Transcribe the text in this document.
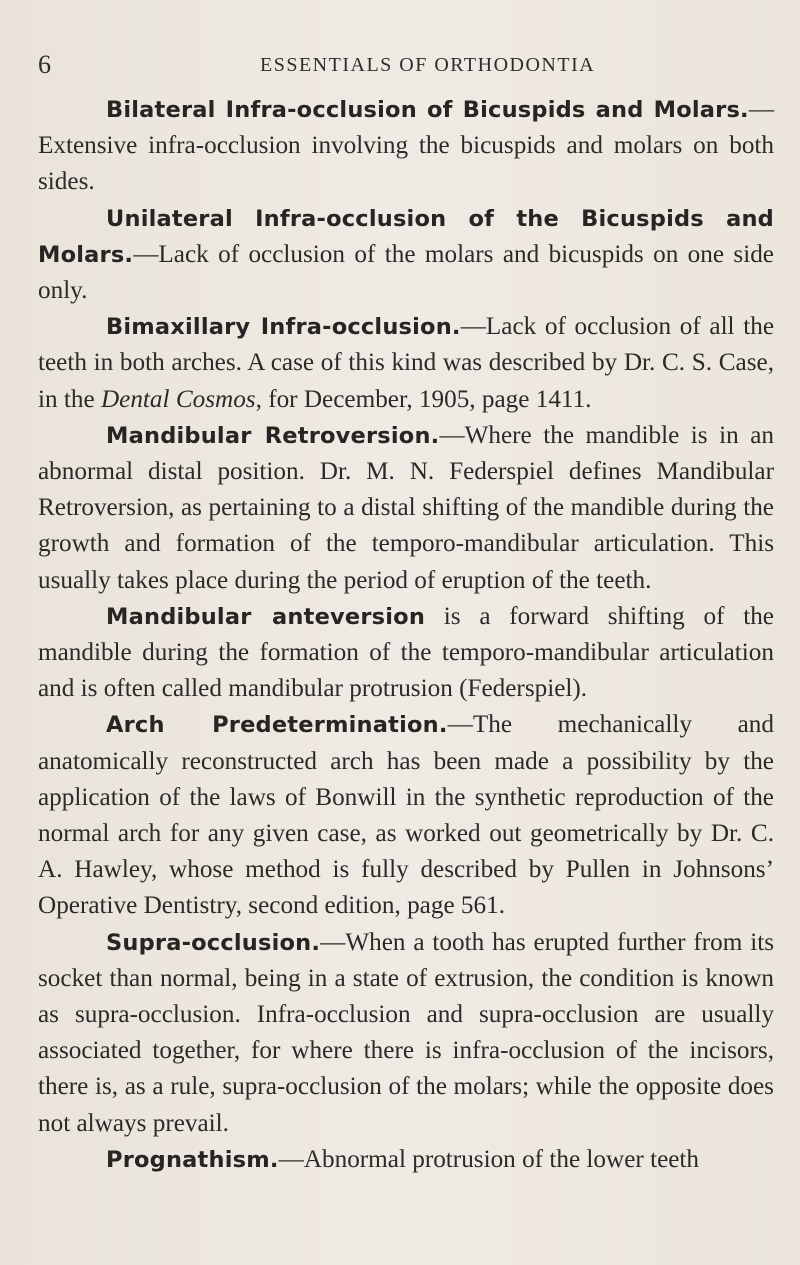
6	ESSENTIALS OF ORTHODONTIA

Bilateral Infra-occlusion of Bicuspids and Molars.—Extensive infra-occlusion involving the bicuspids and molars on both sides.

Unilateral Infra-occlusion of the Bicuspids and Molars.—Lack of occlusion of the molars and bicuspids on one side only.

Bimaxillary Infra-occlusion.—Lack of occlusion of all the teeth in both arches. A case of this kind was described by Dr. C. S. Case, in the Dental Cosmos, for December, 1905, page 1411.

Mandibular Retroversion.—Where the mandible is in an abnormal distal position. Dr. M. N. Federspiel defines Mandibular Retroversion, as pertaining to a distal shifting of the mandible during the growth and formation of the temporo-mandibular articulation. This usually takes place during the period of eruption of the teeth.

Mandibular anteversion is a forward shifting of the mandible during the formation of the temporo-mandibular articulation and is often called mandibular protrusion (Federspiel).

Arch Predetermination.—The mechanically and anatomically reconstructed arch has been made a possibility by the application of the laws of Bonwill in the synthetic reproduction of the normal arch for any given case, as worked out geometrically by Dr. C. A. Hawley, whose method is fully described by Pullen in Johnsons’ Operative Dentistry, second edition, page 561.

Supra-occlusion.—When a tooth has erupted further from its socket than normal, being in a state of extrusion, the condition is known as supra-occlusion. Infra-occlusion and supra-occlusion are usually associated together, for where there is infra-occlusion of the incisors, there is, as a rule, supra-occlusion of the molars; while the opposite does not always prevail.

Prognathism.—Abnormal protrusion of the lower teeth
